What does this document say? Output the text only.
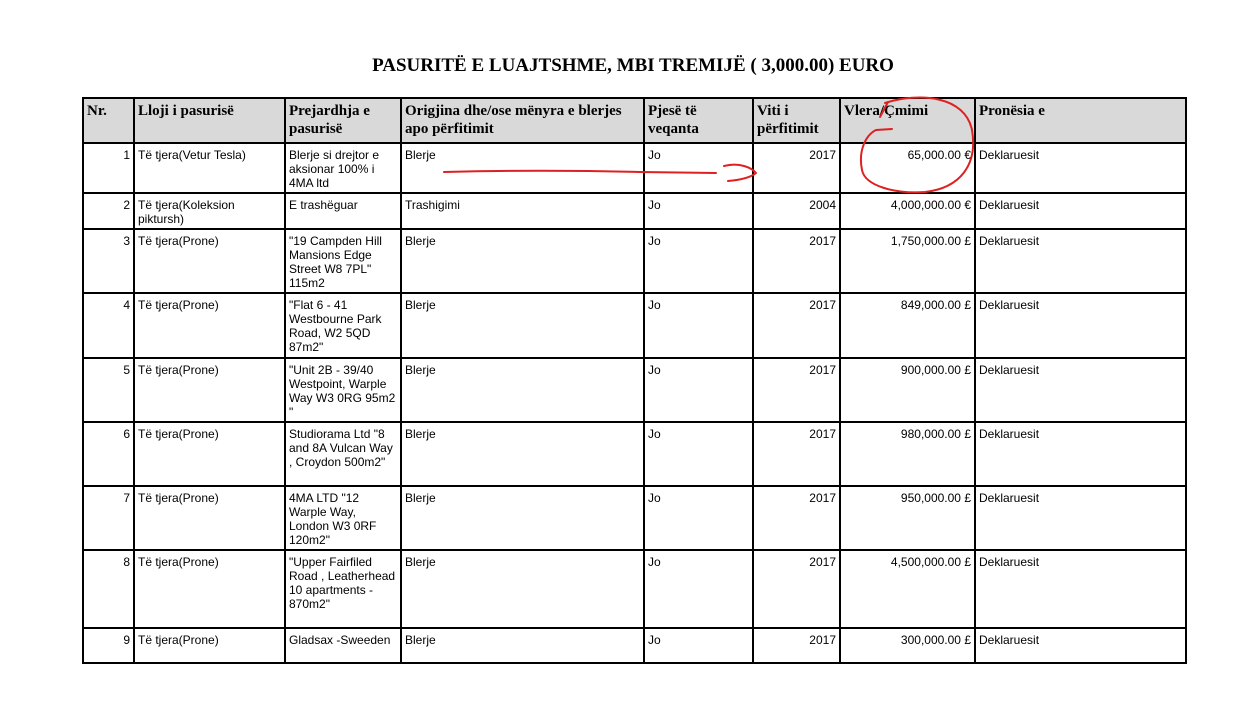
PASURITË E LUAJTSHME, MBI TREMIJË ( 3,000.00) EURO
Nr.	Lloji i pasurisë	Prejardhja e pasurisë	Origjina dhe/ose mënyra e blerjes apo përfitimit	Pjesë të veqanta	Viti i përfitimit	Vlera/Çmimi	Pronësia e
1	Të tjera(Vetur Tesla)	Blerje si drejtor e aksionar 100% i 4MA ltd	Blerje	Jo	2017	65,000.00 €	Deklaruesit
2	Të tjera(Koleksion piktursh)	E trashëguar	Trashigimi	Jo	2004	4,000,000.00 €	Deklaruesit
3	Të tjera(Prone)	"19 Campden Hill Mansions Edge Street W8 7PL" 115m2	Blerje	Jo	2017	1,750,000.00 £	Deklaruesit
4	Të tjera(Prone)	"Flat 6 - 41 Westbourne Park Road, W2 5QD 87m2"	Blerje	Jo	2017	849,000.00 £	Deklaruesit
5	Të tjera(Prone)	"Unit 2B - 39/40 Westpoint, Warple Way W3 0RG 95m2 "	Blerje	Jo	2017	900,000.00 £	Deklaruesit
6	Të tjera(Prone)	Studiorama Ltd "8 and 8A Vulcan Way , Croydon 500m2"	Blerje	Jo	2017	980,000.00 £	Deklaruesit
7	Të tjera(Prone)	4MA LTD "12 Warple Way, London W3 0RF 120m2"	Blerje	Jo	2017	950,000.00 £	Deklaruesit
8	Të tjera(Prone)	"Upper Fairfiled Road , Leatherhead 10 apartments - 870m2"	Blerje	Jo	2017	4,500,000.00 £	Deklaruesit
9	Të tjera(Prone)	Gladsax -Sweeden	Blerje	Jo	2017	300,000.00 £	Deklaruesit
